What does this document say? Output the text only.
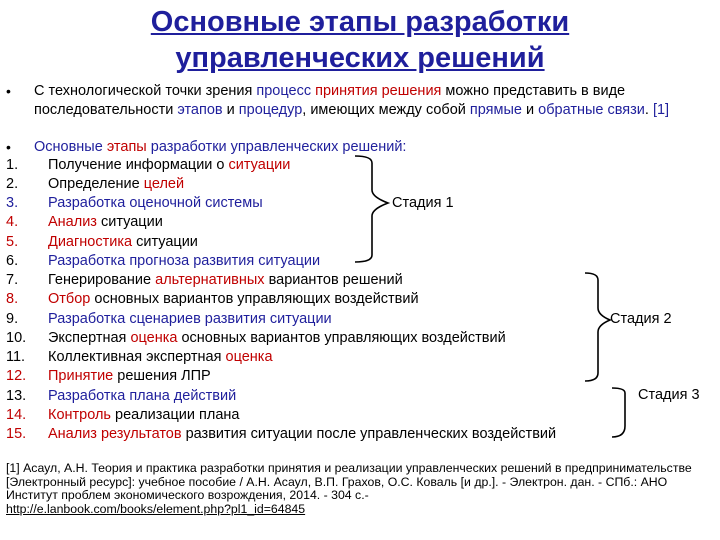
Основные этапы разработки
управленческих решений
• С технологической точки зрения процесс принятия решения можно представить в виде последовательности этапов и процедур, имеющих между собой прямые и обратные связи. [1]
• Основные этапы разработки управленческих решений:
1. Получение информации о ситуации
2. Определение целей
3. Разработка оценочной системы
4. Анализ ситуации
5. Диагностика ситуации
6. Разработка прогноза развития ситуации
7. Генерирование альтернативных вариантов решений
8. Отбор основных вариантов управляющих воздействий
9. Разработка сценариев развития ситуации
10. Экспертная оценка основных вариантов управляющих воздействий
11. Коллективная экспертная оценка
12. Принятие решения ЛПР
13. Разработка плана действий
14. Контроль реализации плана
15. Анализ результатов развития ситуации после управленческих воздействий
Стадия 1
Стадия 2
Стадия 3
[1] Асаул, А.Н. Теория и практика разработки принятия и реализации управленческих решений в предпринимательстве [Электронный ресурс]: учебное пособие / А.Н. Асаул, В.П. Грахов, О.С. Коваль [и др.]. - Электрон. дан. - СПб.: АНО Институт проблем экономического возрождения, 2014. - 304 с.-
http://e.lanbook.com/books/element.php?pl1_id=64845
